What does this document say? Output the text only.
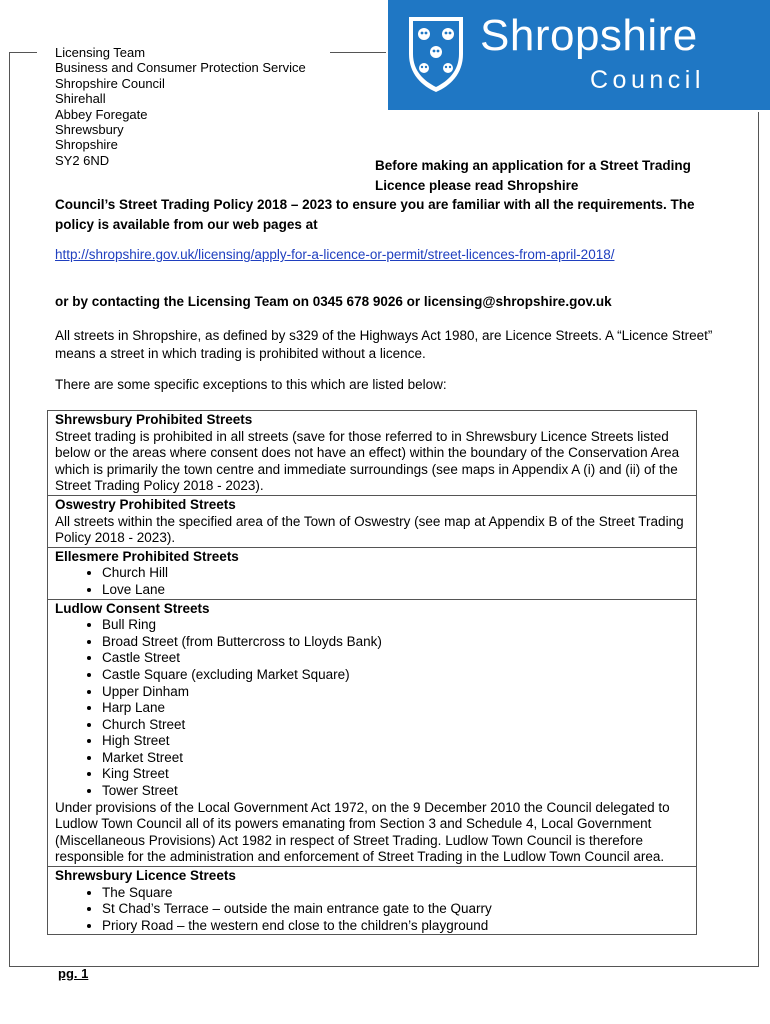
Licensing Team
Business and Consumer Protection Service
Shropshire Council
Shirehall
Abbey Foregate
Shrewsbury
Shropshire
SY2 6ND
Shropshire
Council
Before making an application for a Street Trading Licence please read Shropshire
Council’s Street Trading Policy 2018 – 2023 to ensure you are familiar with all the requirements. The policy is available from our web pages at
http://shropshire.gov.uk/licensing/apply-for-a-licence-or-permit/street-licences-from-april-2018/
or by contacting the Licensing Team on 0345 678 9026 or licensing@shropshire.gov.uk
All streets in Shropshire, as defined by s329 of the Highways Act 1980, are Licence Streets. A “Licence Street” means a street in which trading is prohibited without a licence.
There are some specific exceptions to this which are listed below:
Shrewsbury Prohibited Streets
Street trading is prohibited in all streets (save for those referred to in Shrewsbury Licence Streets listed below or the areas where consent does not have an effect) within the boundary of the Conservation Area which is primarily the town centre and immediate surroundings (see maps in Appendix A (i) and (ii) of the Street Trading Policy 2018 - 2023).

Oswestry Prohibited Streets
All streets within the specified area of the Town of Oswestry (see map at Appendix B of the Street Trading Policy 2018 - 2023).

Ellesmere Prohibited Streets
• Church Hill
• Love Lane

Ludlow Consent Streets
• Bull Ring
• Broad Street (from Buttercross to Lloyds Bank)
• Castle Street
• Castle Square (excluding Market Square)
• Upper Dinham
• Harp Lane
• Church Street
• High Street
• Market Street
• King Street
• Tower Street
Under provisions of the Local Government Act 1972, on the 9 December 2010 the Council delegated to Ludlow Town Council all of its powers emanating from Section 3 and Schedule 4, Local Government (Miscellaneous Provisions) Act 1982 in respect of Street Trading. Ludlow Town Council is therefore responsible for the administration and enforcement of Street Trading in the Ludlow Town Council area.

Shrewsbury Licence Streets
• The Square
• St Chad’s Terrace – outside the main entrance gate to the Quarry
• Priory Road – the western end close to the children’s playground
pg. 1
